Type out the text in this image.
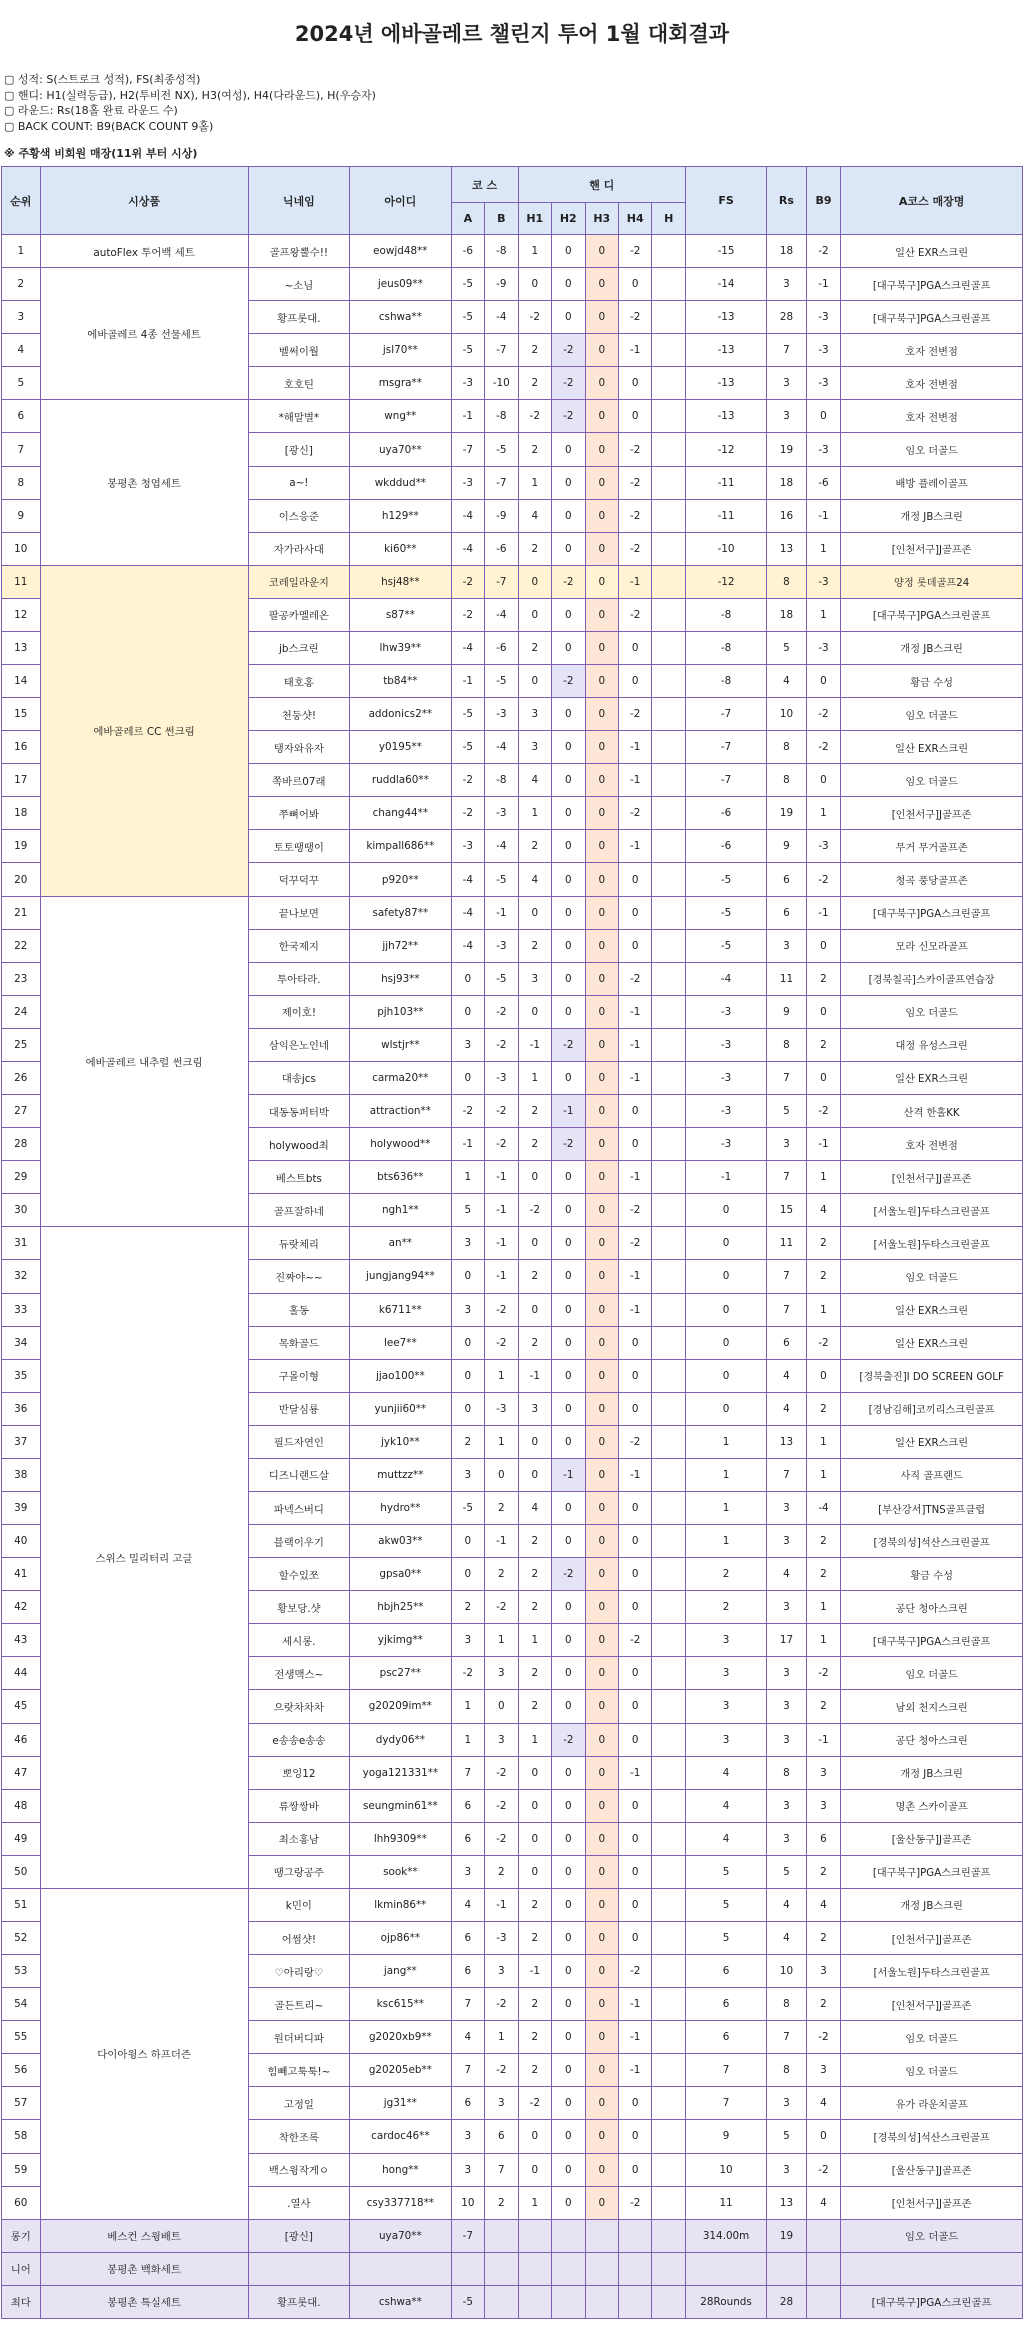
2024년 에바골레르 챌린지 투어 1월 대회결과
▢ 성적: S(스트로크 성적), FS(최종성적)
▢ 핸디: H1(실력등급), H2(투비전 NX), H3(여성), H4(다라운드), H(우승자)
▢ 라운드: Rs(18홀 완료 라운드 수)
▢ BACK COUNT: B9(BACK COUNT 9홀)
※ 주황색 비회원 매장(11위 부터 시상)
순위	시상품	닉네임	아이디	코 스		핸 디					FS	Rs	B9	A코스 매장명
				A	B	H1	H2	H3	H4	H				
1	autoFlex 투어백 세트	골프왕뿔수!!	eowjd48**	-6	-8	1	0	0	-2		-15	18	-2	일산 EXR스크린
2	에바골레르 4종 선물세트	~소님	jeus09**	-5	-9	0	0	0	0		-14	3	-1	[대구북구]PGA스크린골프
3		황프롯대.	cshwa**	-5	-4	-2	0	0	-2		-13	28	-3	[대구북구]PGA스크린골프
4		벨써이월	jsl70**	-5	-7	2	-2	0	-1		-13	7	-3	호자 전변점
5		호호틴	msgra**	-3	-10	2	-2	0	0		-13	3	-3	호자 전변점
6	봉평촌 청엽세트	*해말별*	wng**	-1	-8	-2	-2	0	0		-13	3	0	호자 전변점
7		[광신]	uya70**	-7	-5	2	0	0	-2		-12	19	-3	임오 더골드
8		a~!	wkddud**	-3	-7	1	0	0	-2		-11	18	-6	배방 플레이골프
9		이스응준	h129**	-4	-9	4	0	0	-2		-11	16	-1	개정 JB스크린
10		자가라사대	ki60**	-4	-6	2	0	0	-2		-10	13	1	[인천서구]J골프존
11	에바골레르 CC 썬크림	코레일라운지	hsj48**	-2	-7	0	-2	0	-1		-12	8	-3	양정 롯데골프24
12		팔공카멜레온	s87**	-2	-4	0	0	0	-2		-8	18	1	[대구북구]PGA스크린골프
13		jb스크린	lhw39**	-4	-6	2	0	0	0		-8	5	-3	개정 JB스크린
14		태호홍	tb84**	-1	-5	0	-2	0	0		-8	4	0	황금 수성
15		천둥샷!	addonics2**	-5	-3	3	0	0	-2		-7	10	-2	임오 더골드
16		탱자와유자	y0195**	-5	-4	3	0	0	-1		-7	8	-2	일산 EXR스크린
17		쪽바르07래	ruddla60**	-2	-8	4	0	0	-1		-7	8	0	임오 더골드
18		쭈뼈어봐	chang44**	-2	-3	1	0	0	-2		-6	19	1	[인천서구]J골프존
19		토토땡땡이	kimpall686**	-3	-4	2	0	0	-1		-6	9	-3	무거 무거골프존
20		덕꾸덕꾸	p920**	-4	-5	4	0	0	0		-5	6	-2	청곡 풍당골프존
21	에바골레르 내추럴 썬크림	끝나보면	safety87**	-4	-1	0	0	0	0		-5	6	-1	[대구북구]PGA스크린골프
22		한국제지	jjh72**	-4	-3	2	0	0	0		-5	3	0	모라 신모라골프
23		투아타라.	hsj93**	0	-5	3	0	0	-2		-4	11	2	[경북칠곡]스카이골프연습장
24		제이호!	pjh103**	0	-2	0	0	0	-1		-3	9	0	임오 더골드
25		삼익은노인네	wlstjr**	3	-2	-1	-2	0	-1		-3	8	2	대정 유성스크린
26		대송jcs	carma20**	0	-3	1	0	0	-1		-3	7	0	일산 EXR스크린
27		대동동퍼터박	attraction**	-2	-2	2	-1	0	0		-3	5	-2	산격 한홀KK
28		holywood최	holywood**	-1	-2	2	-2	0	0		-3	3	-1	호자 전변점
29		베스트bts	bts636**	1	-1	0	0	0	-1		-1	7	1	[인천서구]J골프존
30		골프잘하네	ngh1**	5	-1	-2	0	0	-2		0	15	4	[서울노원]두타스크린골프
31	스위스 밀리터리 고글	듀랏체리	an**	3	-1	0	0	0	-2		0	11	2	[서울노원]두타스크린골프
32		진짜야~~	jungjang94**	0	-1	2	0	0	-1		0	7	2	임오 더골드
33		홀동	k6711**	3	-2	0	0	0	-1		0	7	1	일산 EXR스크린
34		목화골드	lee7**	0	-2	2	0	0	0		0	6	-2	일산 EXR스크린
35		구몰이형	jjao100**	0	1	-1	0	0	0		0	4	0	[경북출진]I DO SCREEN GOLF
36		반달심룡	yunjii60**	0	-3	3	0	0	0		0	4	2	[경남김해]코끼리스크린골프
37		필드자연인	jyk10**	2	1	0	0	0	-2		1	13	1	일산 EXR스크린
38		디즈니랜드살	muttzz**	3	0	0	-1	0	-1		1	7	1	사직 골프랜드
39		파넥스버디	hydro**	-5	2	4	0	0	0		1	3	-4	[부산강서]TNS골프클럽
40		블랙이우기	akw03**	0	-1	2	0	0	0		1	3	2	[경북의성]석산스크린골프
41		할수있쪼	gpsa0**	0	2	2	-2	0	0		2	4	2	황금 수성
42		황보당.샷	hbjh25**	2	-2	2	0	0	0		2	3	1	공단 청아스크린
43		세시롱.	yjkimg**	3	1	1	0	0	-2		3	17	1	[대구북구]PGA스크린골프
44		전생맥스~	psc27**	-2	3	2	0	0	0		3	3	-2	임오 더골드
45		으랏차차차	g20209im**	1	0	2	0	0	0		3	3	2	남외 천지스크린
46		e송송e송송	dydy06**	1	3	1	-2	0	0		3	3	-1	공단 청아스크린
47		뽀잉12	yoga121331**	7	-2	0	0	0	-1		4	8	3	개정 JB스크린
48		류쌍쌍바	seungmin61**	6	-2	0	0	0	0		4	3	3	명촌 스카이골프
49		최소홍남	lhh9309**	6	-2	0	0	0	0		4	3	6	[울산동구]J골프존
50		땡그랑공주	sook**	3	2	0	0	0	0		5	5	2	[대구북구]PGA스크린골프
51	다이아윙스 하프더즌	k민이	lkmin86**	4	-1	2	0	0	0		5	4	4	개정 JB스크린
52		어썸샷!	ojp86**	6	-3	2	0	0	0		5	4	2	[인천서구]J골프존
53		♡아리랑♡	jang**	6	3	-1	0	0	-2		6	10	3	[서울노원]두타스크린골프
54		골든트리~	ksc615**	7	-2	2	0	0	-1		6	8	2	[인천서구]J골프존
55		원더버디파	g2020xb9**	4	1	2	0	0	-1		6	7	-2	임오 더골드
56		힘빼고툭툭!~	g20205eb**	7	-2	2	0	0	-1		7	8	3	임오 더골드
57		고정일	jg31**	6	3	-2	0	0	0		7	3	4	유가 라운치골프
58		착한조록	cardoc46**	3	6	0	0	0	0		9	5	0	[경북의성]석산스크린골프
59		백스윙작게ㅇ	hong**	3	7	0	0	0	0		10	3	-2	[울산동구]J골프존
60		.열사	csy337718**	10	2	1	0	0	-2		11	13	4	[인천서구]J골프존
롱기	베스컨 스윙배트	[광신]	uya70**	-7							314.00m	19		임오 더골드
니어	봉평촌 백화세트													
최다	봉평촌 특실세트	황프롯대.	cshwa**	-5							28Rounds	28		[대구북구]PGA스크린골프
